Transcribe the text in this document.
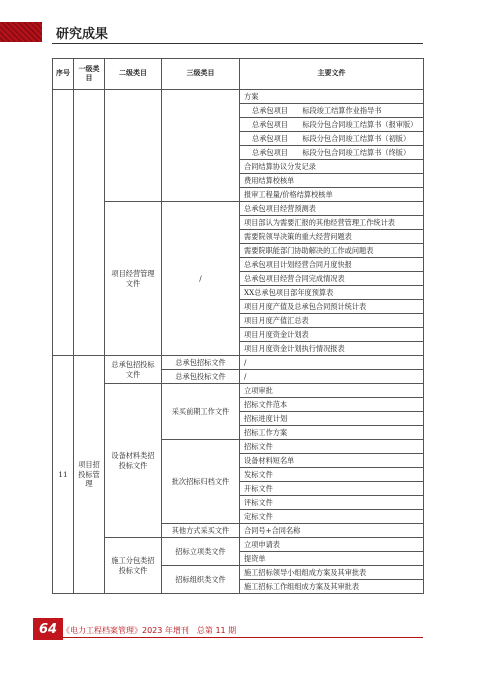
研究成果
序号	一级类目	二级类目	三级类目	主要文件
				方案
				总承包项目　　标段竣工结算作业指导书
				总承包项目　　标段分包合同竣工结算书（报审版）
				总承包项目　　标段分包合同竣工结算书（初版）
				总承包项目　　标段分包合同竣工结算书（终版）
				合同结算协议分发记录
				费用结算校核单
				报审工程量/价格结算校核单
		项目经营管理文件	/	总承包项目经营预测表
				项目部认为需要汇报的其他经营管理工作统计表
				需要院领导决策的重大经营问题表
				需要院职能部门协助解决的工作或问题表
				总承包项目计划经营合同月度快报
				总承包项目经营合同完成情况表
				XX总承包项目部年度预算表
				项目月度产值及总承包合同预计统计表
				项目月度产值汇总表
				项目月度资金计划表
				项目月度资金计划执行情况报表
11	项目招投标管理	总承包招投标文件	总承包招标文件	/
			总承包投标文件	/
		设备材料类招投标文件	采买前期工作文件	立项审批
				招标文件范本
				招标进度计划
				招标工作方案
			批次招标归档文件	招标文件
				设备材料短名单
				发标文件
				开标文件
				评标文件
				定标文件
			其他方式采买文件	合同号+合同名称
		施工分包类招投标文件	招标立项类文件	立项申请表
				提资单
			招标组织类文件	施工招标领导小组组成方案及其审批表
				施工招标工作组组成方案及其审批表
64 《电力工程档案管理》2023 年增刊　总第 11 期
